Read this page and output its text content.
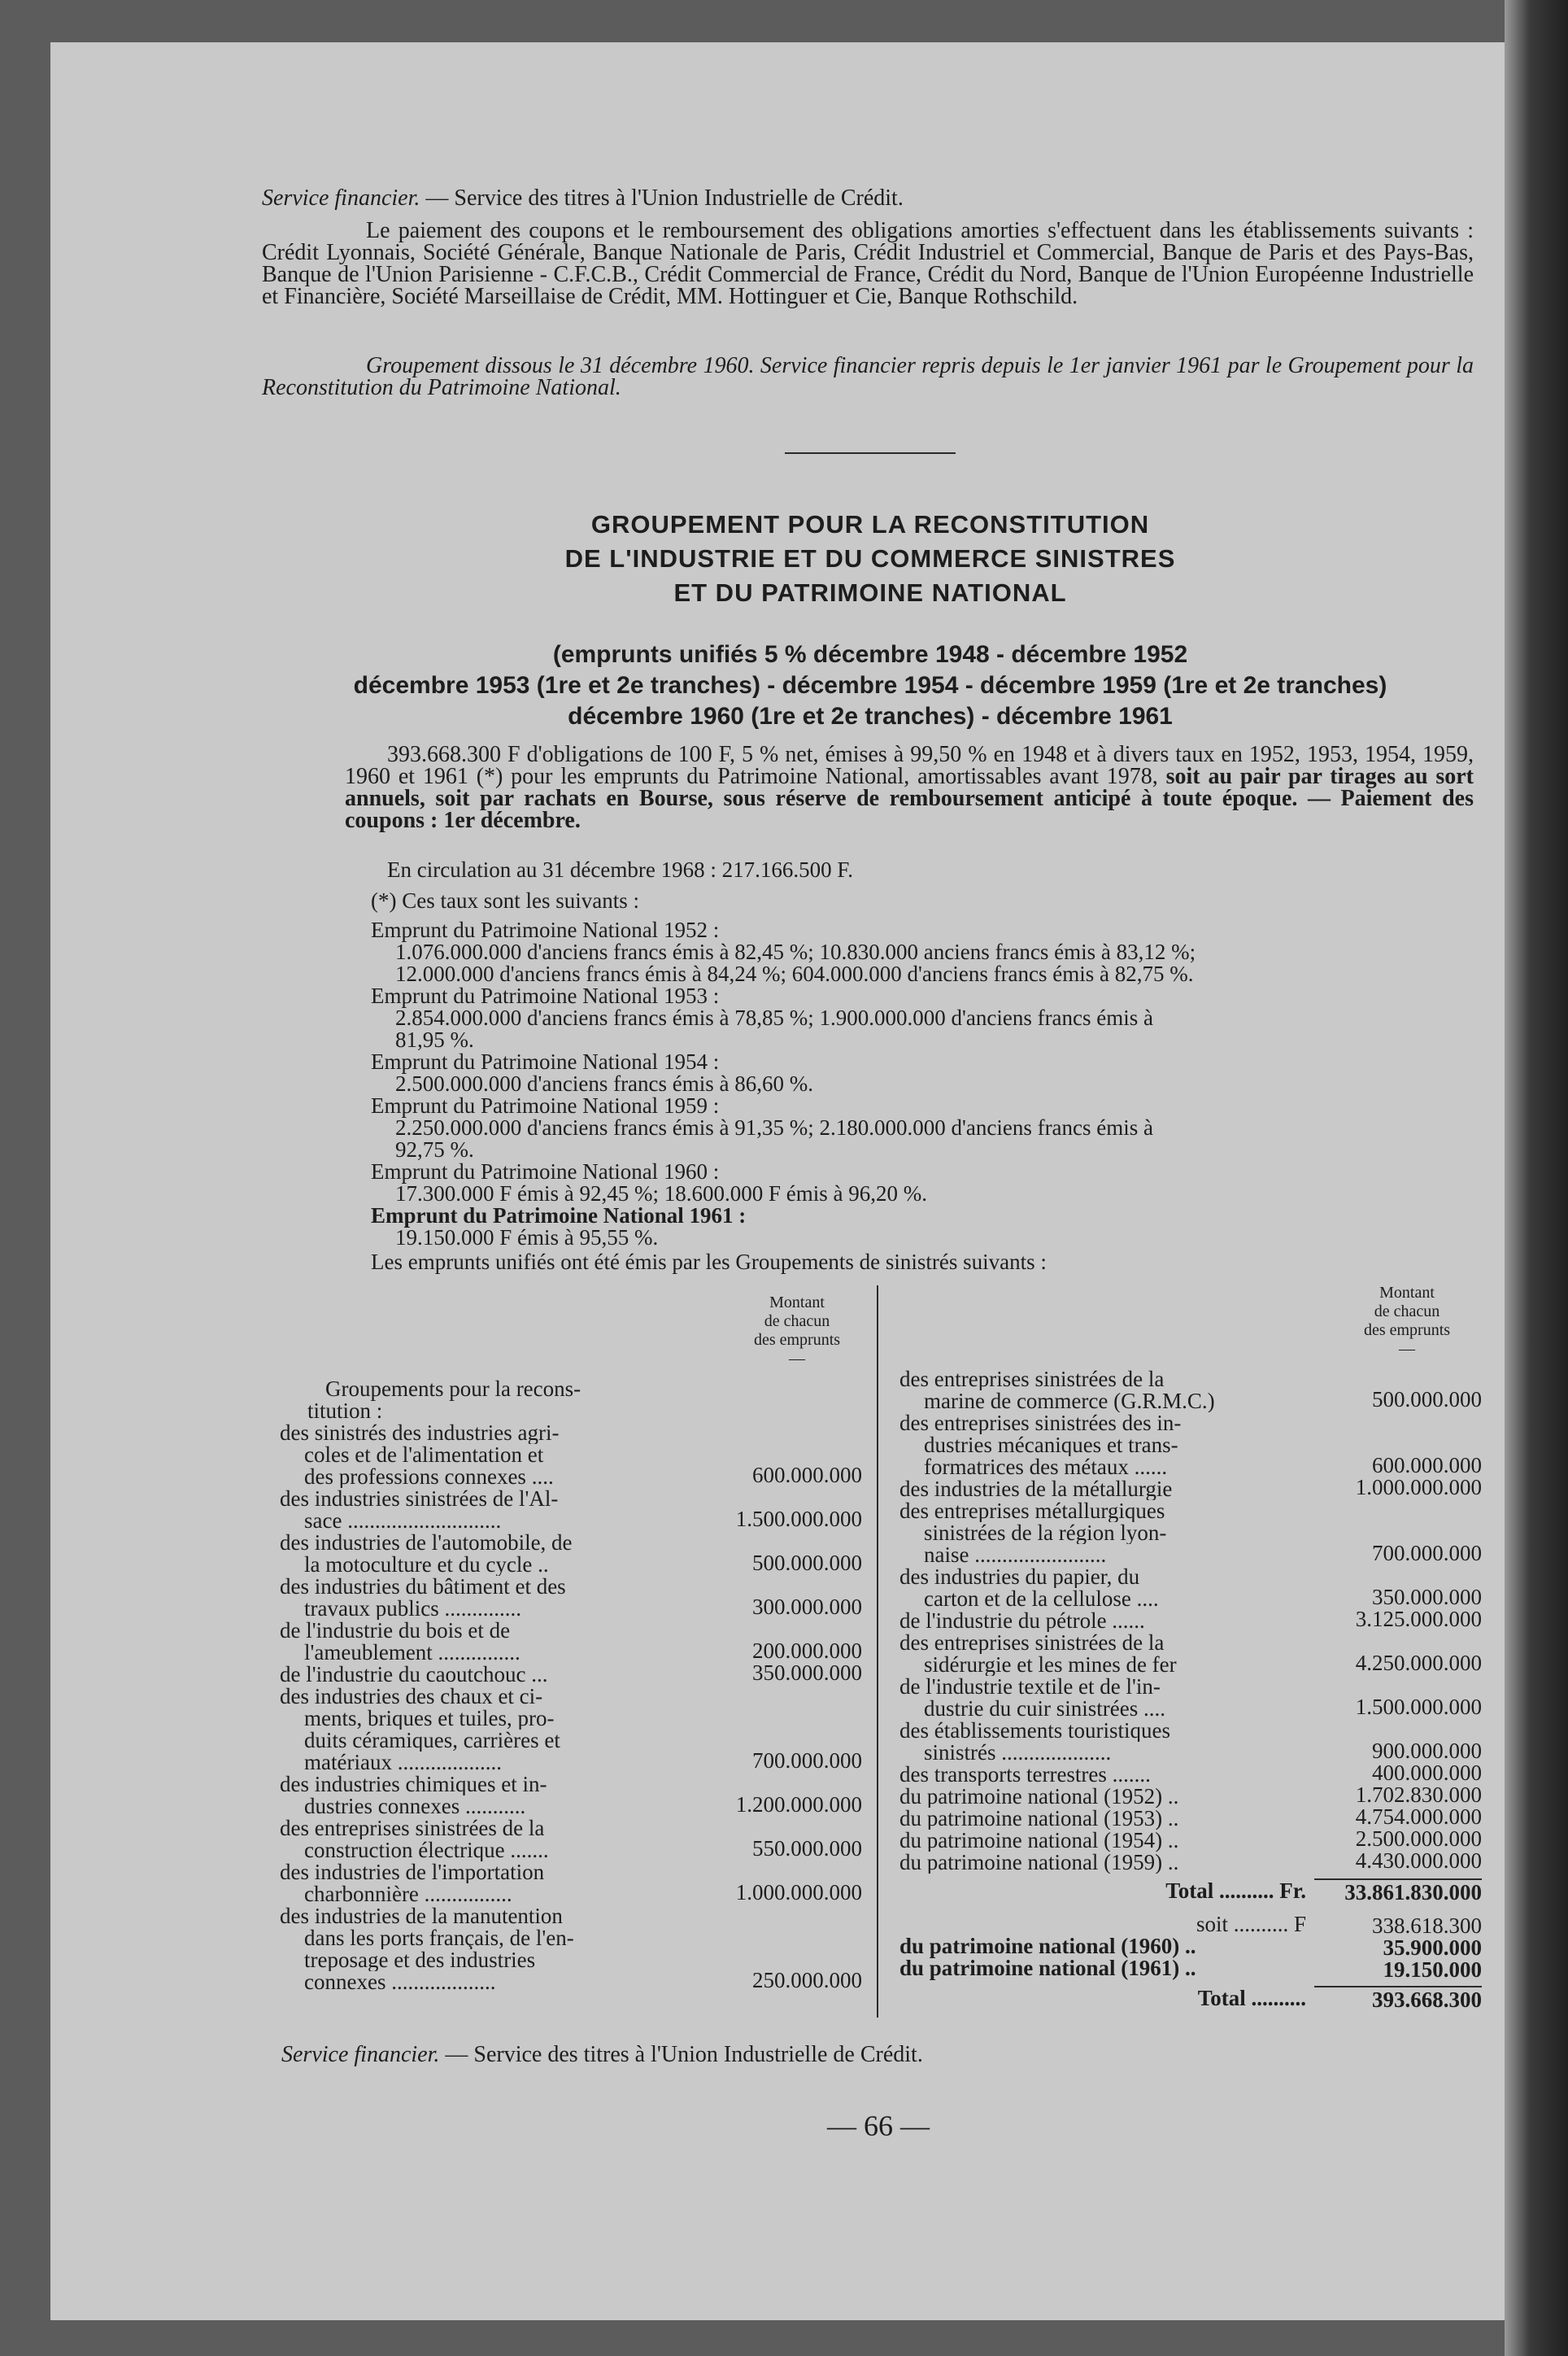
Service financier. — Service des titres à l'Union Industrielle de Crédit.

Le paiement des coupons et le remboursement des obligations amorties s'effectuent dans les établissements suivants : Crédit Lyonnais, Société Générale, Banque Nationale de Paris, Crédit Industriel et Commercial, Banque de Paris et des Pays-Bas, Banque de l'Union Parisienne - C.F.C.B., Crédit Commercial de France, Crédit du Nord, Banque de l'Union Européenne Industrielle et Financière, Société Marseillaise de Crédit, MM. Hottinguer et Cie, Banque Rothschild.

Groupement dissous le 31 décembre 1960. Service financier repris depuis le 1er janvier 1961 par le Groupement pour la Reconstitution du Patrimoine National.

GROUPEMENT POUR LA RECONSTITUTION
DE L'INDUSTRIE ET DU COMMERCE SINISTRES
ET DU PATRIMOINE NATIONAL
(emprunts unifiés 5 % décembre 1948 - décembre 1952
décembre 1953 (1re et 2e tranches) - décembre 1954 - décembre 1959 (1re et 2e tranches)
décembre 1960 (1re et 2e tranches) - décembre 1961

393.668.300 F d'obligations de 100 F, 5 % net, émises à 99,50 % en 1948 et à divers taux en 1952, 1953, 1954, 1959, 1960 et 1961 (*) pour les emprunts du Patrimoine National, amortissables avant 1978, soit au pair par tirages au sort annuels, soit par rachats en Bourse, sous réserve de remboursement anticipé à toute époque. — Paiement des coupons : 1er décembre.

En circulation au 31 décembre 1968 : 217.166.500 F.
(*) Ces taux sont les suivants :
Emprunt du Patrimoine National 1952 :
1.076.000.000 d'anciens francs émis à 82,45 %; 10.830.000 anciens francs émis à 83,12 %;
12.000.000 d'anciens francs émis à 84,24 %; 604.000.000 d'anciens francs émis à 82,75 %.
Emprunt du Patrimoine National 1953 :
2.854.000.000 d'anciens francs émis à 78,85 %; 1.900.000.000 d'anciens francs émis à
81,95 %.
Emprunt du Patrimoine National 1954 :
2.500.000.000 d'anciens francs émis à 86,60 %.
Emprunt du Patrimoine National 1959 :
2.250.000.000 d'anciens francs émis à 91,35 %; 2.180.000.000 d'anciens francs émis à
92,75 %.
Emprunt du Patrimoine National 1960 :
17.300.000 F émis à 92,45 %; 18.600.000 F émis à 96,20 %.
Emprunt du Patrimoine National 1961 :
19.150.000 F émis à 95,55 %.
Les emprunts unifiés ont été émis par les Groupements de sinistrés suivants :
Montant
de chacun
des emprunts
—
Montant
de chacun
des emprunts
—
Groupements pour la recons-
titution :
des sinistrés des industries agri-
coles et de l'alimentation et
des professions connexes ....	600.000.000
des industries sinistrées de l'Al-
sace ............................	1.500.000.000
des industries de l'automobile, de
la motoculture et du cycle ..	500.000.000
des industries du bâtiment et des
travaux publics ..............	300.000.000
de l'industrie du bois et de
l'ameublement ...............	200.000.000
de l'industrie du caoutchouc ...	350.000.000
des industries des chaux et ci-
ments, briques et tuiles, pro-
duits céramiques, carrières et
matériaux ...................	700.000.000
des industries chimiques et in-
dustries connexes ...........	1.200.000.000
des entreprises sinistrées de la
construction électrique .......	550.000.000
des industries de l'importation
charbonnière ................	1.000.000.000
des industries de la manutention
dans les ports français, de l'en-
treposage et des industries
connexes ...................	250.000.000
des entreprises sinistrées de la
marine de commerce (G.R.M.C.)	500.000.000
des entreprises sinistrées des in-
dustries mécaniques et trans-
formatrices des métaux ......	600.000.000
des industries de la métallurgie	1.000.000.000
des entreprises métallurgiques
sinistrées de la région lyon-
naise ........................	700.000.000
des industries du papier, du
carton et de la cellulose ....	350.000.000
de l'industrie du pétrole ......	3.125.000.000
des entreprises sinistrées de la
sidérurgie et les mines de fer	4.250.000.000
de l'industrie textile et de l'in-
dustrie du cuir sinistrées ....	1.500.000.000
des établissements touristiques
sinistrés ....................	900.000.000
des transports terrestres .......	400.000.000
du patrimoine national (1952) ..	1.702.830.000
du patrimoine national (1953) ..	4.754.000.000
du patrimoine national (1954) ..	2.500.000.000
du patrimoine national (1959) ..	4.430.000.000
Total .......... Fr.	33.861.830.000
soit .......... F	338.618.300
du patrimoine national (1960) ..	35.900.000
du patrimoine national (1961) ..	19.150.000
Total ..........	393.668.300
Service financier. — Service des titres à l'Union Industrielle de Crédit.
— 66 —
